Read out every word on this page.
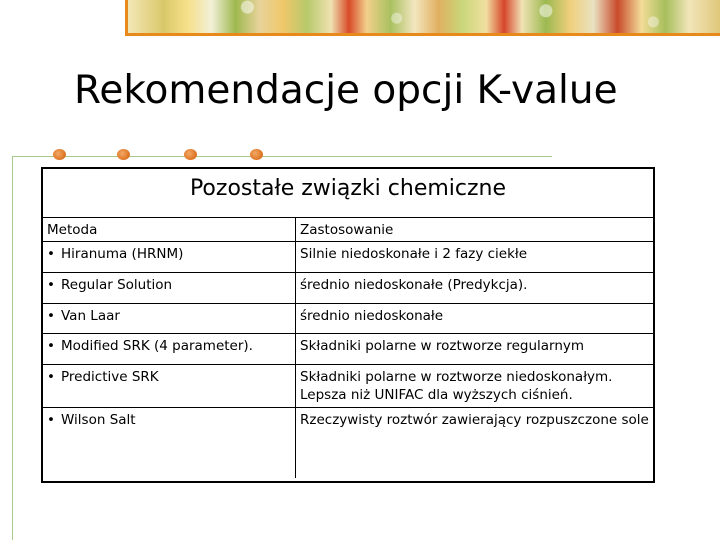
Rekomendacje opcji K-value
Pozostałe związki chemiczne
Metoda	Zastosowanie
• Hiranuma (HRNM)	Silnie niedoskonałe i 2 fazy ciekłe
• Regular Solution	średnio niedoskonałe (Predykcja).
• Van Laar	średnio niedoskonałe
• Modified SRK (4 parameter).	Składniki polarne w roztworze regularnym
• Predictive SRK	Składniki polarne w roztworze niedoskonałym. Lepsza niż UNIFAC dla wyższych ciśnień.
• Wilson Salt	Rzeczywisty roztwór zawierający rozpuszczone sole
